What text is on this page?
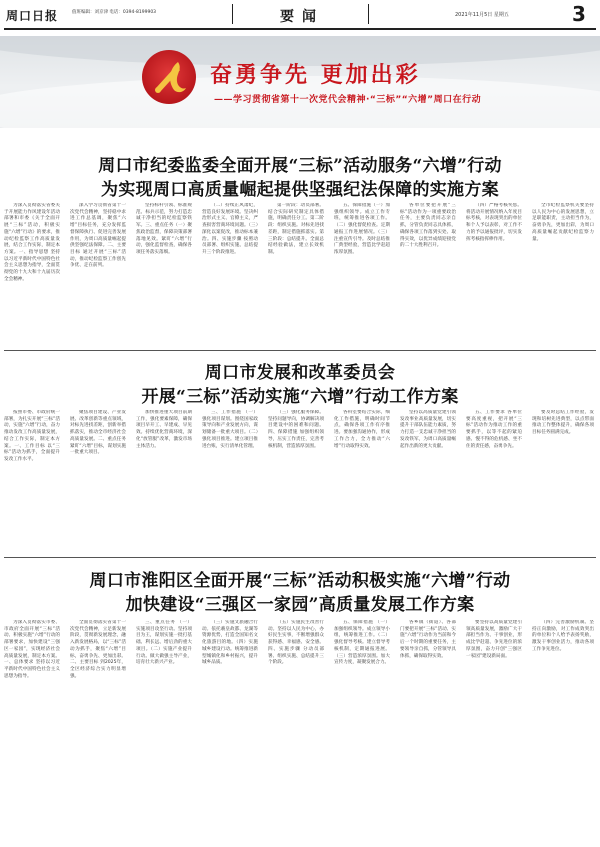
周口日报	值班编辑：刘京津 电话：0394-8199903	要闻	2021年11月5日 星期五	3
奋勇争先 更加出彩
——学习贯彻省第十一次党代会精神·“三标”“六增”周口在行动
周口市纪委监委全面开展“三标”活动服务“六增”行动
为实现周口高质量崛起提供坚强纪法保障的实施方案

为深入贯彻落实省委关于开展能力作风建设年活动部署和市委《关于全面开展“三标”活动，积极实施“六增”行动》的要求，推动纪检监察工作高质量发展，结合工作实际，制定本方案。一、指导思想 坚持以习近平新时代中国特色社会主义思想为指导，全面贯彻党的十九大和十九届历次全会精神。

深入学习贯彻省第十一次党代会精神，坚持稳中求进工作总基调，聚焦“六增”目标任务，充分发挥监督保障执行、促进完善发展作用，为周口高质量崛起提供坚强纪法保障。二、主要目标 通过开展“三标”活动，推动纪检监察工作创先争优、走在前列。

坚持标杆引领、标准规范、标兵示范，努力打造忠诚干净担当的纪检监察铁军。三、重点任务（一）聚焦政治监督，保障决策部署落地见效。紧盯“六增”行动，强化监督检查，确保各项任务落实落细。

（二）持续正风肃纪，营造良好发展环境。坚决纠治形式主义、官僚主义，严查损害营商环境问题。（三）深化以案促改，推动标本兼治。四、实施步骤 按照动员部署、组织实施、总结提升三个阶段推进。

第一阶段：动员部署。结合实际研究制定具体措施，明确责任分工。第二阶段：组织实施。对标先进找差距，制定措施抓落实。第三阶段：总结提升。全面总结经验做法，建立长效机制。

五、保障措施（一）加强组织领导。成立工作专班，统筹推进各项工作。（二）强化督促检查。定期通报工作进展情况。（三）注重宣传引导。及时总结推广典型经验，营造比学赶超浓厚氛围。

各单位要把开展“三标”活动作为一项重要政治任务，主要负责同志亲自抓，分管负责同志具体抓，确保各项工作落到实处、取得实效，以优异成绩迎接党的二十大胜利召开。

（四）严格考核奖惩。将活动开展情况纳入年度目标考核，对表现突出的单位和个人予以表彰，对工作不力的予以通报批评，切实发挥考核指挥棒作用。

全市纪检监察机关要坚持以人民为中心的发展思想，立足职能职责，主动担当作为，奋勇争先，更加出彩，为周口高质量崛起贡献纪检监察力量。

周口市发展和改革委员会
开展“三标”活动实施“六增”行动工作方案

按照市委、市政府统一部署，为扎实开展“三标”活动，实施“六增”行动，奋力推动发改工作高质量发展，结合工作实际，制定本方案。一、工作目标 以“三标”活动为抓手，全面提升发改工作水平。

聚焦项目建设、产业发展、改革创新等重点领域，对标先进找差距，创新举措抓落实，推动全市经济社会高质量发展。二、重点任务 紧盯“六增”目标，谋划实施一批重大项目。

加快推进重大项目前期工作，强化要素保障，确保项目早开工、早建成、早见效。持续优化营商环境，深化“放管服”改革，激发市场主体活力。

三、工作措施 （一）强化项目谋划。围绕国家政策导向和产业发展方向，谋划储备一批重大项目。（二）强化项目推进。建立项目推进台账，实行清单化管理。

（三）强化服务保障。坚持问题导向，协调解决项目建设中的困难和问题。四、保障措施 加强组织领导，压实工作责任，完善考核机制，营造浓厚氛围。

各科室要结合实际，细化工作措施，明确时间节点，确保各项工作有序推进。要加强沟通协作，形成工作合力，全力推动“六增”行动取得实效。

坚持以高质量党建引领发改事业高质量发展，切实提升干部队伍能力素质，努力打造一支忠诚干净担当的发改铁军，为周口高质量崛起作出新的更大贡献。

五、工作要求 各单位要高度重视，把开展“三标”活动作为推动工作的重要抓手，以等不起的紧迫感、慢不得的危机感、坐不住的责任感，奋勇争先。

要及时总结工作经验，发现和培树先进典型，以点带面推动工作整体提升，确保各项目标任务圆满完成。

周口市淮阳区全面开展“三标”活动积极实施“六增”行动
加快建设“三强区一家园”高质量发展工作方案

为深入贯彻落实市委、市政府全面开展“三标”活动、积极实施“六增”行动的部署要求，加快建设“三强区一家园”，实现经济社会高质量发展，制定本方案。一、总体要求 坚持以习近平新时代中国特色社会主义思想为指导。

全面贯彻落实省第十一次党代会精神，立足新发展阶段，贯彻新发展理念，融入新发展格局，以“三标”活动为抓手，聚焦“六增”目标，奋勇争先、更加出彩。二、主要目标 到2025年，全区经济综合实力明显增强。

三、重点任务 （一）实施项目攻坚行动。坚持项目为王，谋划实施一批打基础、利长远、增后劲的重大项目。（二）实施产业提升行动。做大做强主导产业，培育壮大新兴产业。

（三）实施文旅融合行动。依托羲皇故都、龙湖等资源优势，打造全国知名文化旅游目的地。（四）实施城乡建设行动。统筹推进新型城镇化和乡村振兴，提升城乡品质。

（五）实施民生改善行动。坚持以人民为中心，办好民生实事，不断增强群众获得感、幸福感、安全感。四、实施步骤 分动员部署、组织实施、总结提升三个阶段。

五、保障措施 （一）加强组织领导。成立领导小组，统筹推进工作。（二）强化督导考核。建立督导考核机制，定期通报进展。（三）营造浓厚氛围。加大宣传力度，凝聚发展合力。

各乡镇（街道）、各部门要把开展“三标”活动、实施“六增”行动作为当前和今后一个时期的重要任务，主要领导亲自抓，分管领导具体抓，确保取得实效。

要坚持以高质量党建引领高质量发展，激励广大干部担当作为、干事创业，形成比学赶超、争先进位的浓厚氛围，奋力开创“三强区一家园”建设新局面。

（四）完善激励机制。坚持正向激励，对工作成效突出的单位和个人给予表扬奖励，激发干事创业活力，推动各项工作争先进位。
